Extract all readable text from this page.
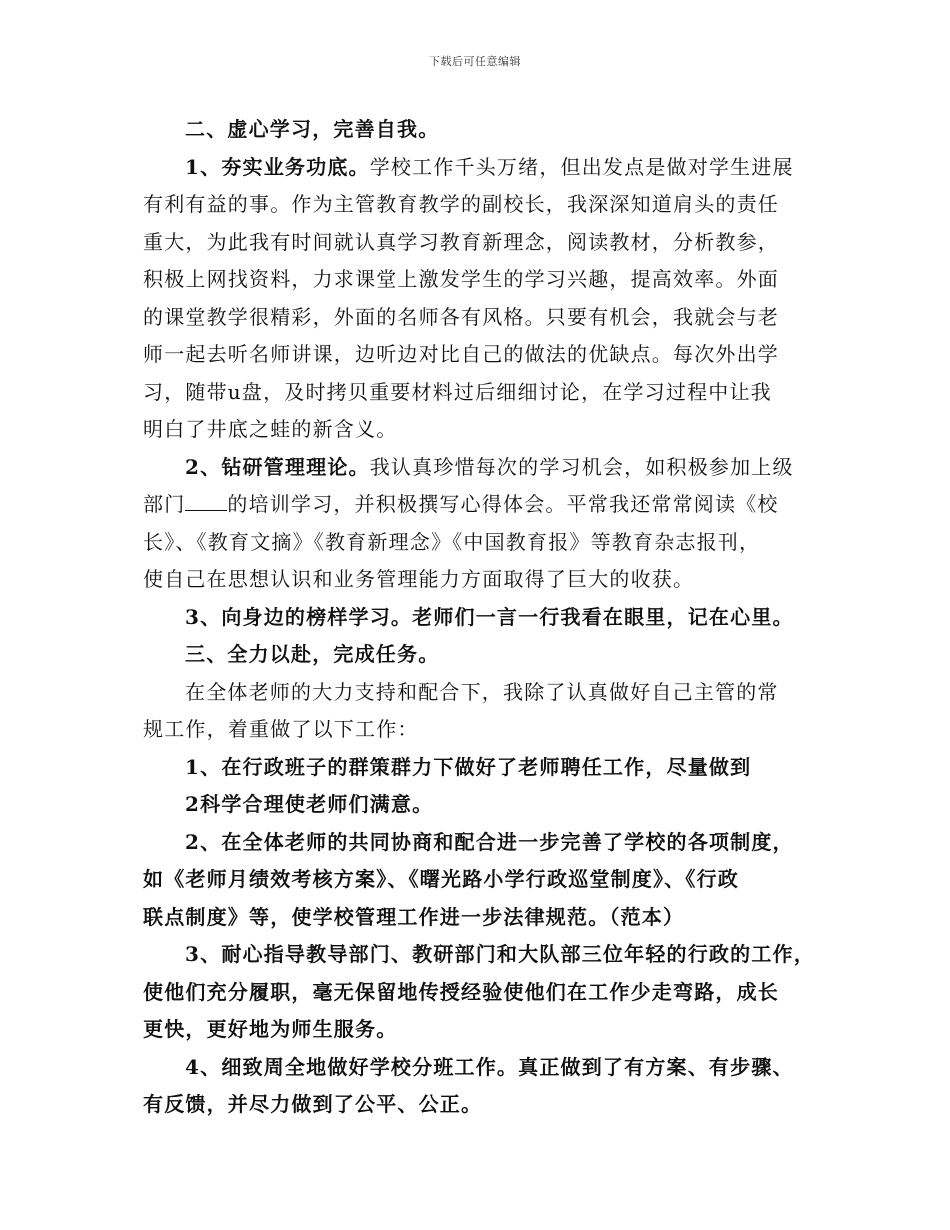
下载后可任意编辑
二、虚心学习，完善自我。
1、夯实业务功底。学校工作千头万绪，但出发点是做对学生进展
有利有益的事。作为主管教育教学的副校长，我深深知道肩头的责任
重大，为此我有时间就认真学习教育新理念，阅读教材，分析教参，
积极上网找资料，力求课堂上激发学生的学习兴趣，提高效率。外面
的课堂教学很精彩，外面的名师各有风格。只要有机会，我就会与老
师一起去听名师讲课，边听边对比自己的做法的优缺点。每次外出学
习，随带u盘，及时拷贝重要材料过后细细讨论，在学习过程中让我
明白了井底之蛙的新含义。
2、钻研管理理论。我认真珍惜每次的学习机会，如积极参加上级
部门 的培训学习，并积极撰写心得体会。平常我还常常阅读《校
长》、《教育文摘》《教育新理念》《中国教育报》等教育杂志报刊，
使自己在思想认识和业务管理能力方面取得了巨大的收获。
3、向身边的榜样学习。老师们一言一行我看在眼里，记在心里。
三、全力以赴，完成任务。
在全体老师的大力支持和配合下，我除了认真做好自己主管的常
规工作，着重做了以下工作：
1、在行政班子的群策群力下做好了老师聘任工作，尽量做到
2科学合理使老师们满意。
2、在全体老师的共同协商和配合进一步完善了学校的各项制度，
如《老师月绩效考核方案》、《曙光路小学行政巡堂制度》、《行政
联点制度》等，使学校管理工作进一步法律规范。（范本）
3、耐心指导教导部门、教研部门和大队部三位年轻的行政的工作，
使他们充分履职，毫无保留地传授经验使他们在工作少走弯路，成长
更快，更好地为师生服务。
4、细致周全地做好学校分班工作。真正做到了有方案、有步骤、
有反馈，并尽力做到了公平、公正。
